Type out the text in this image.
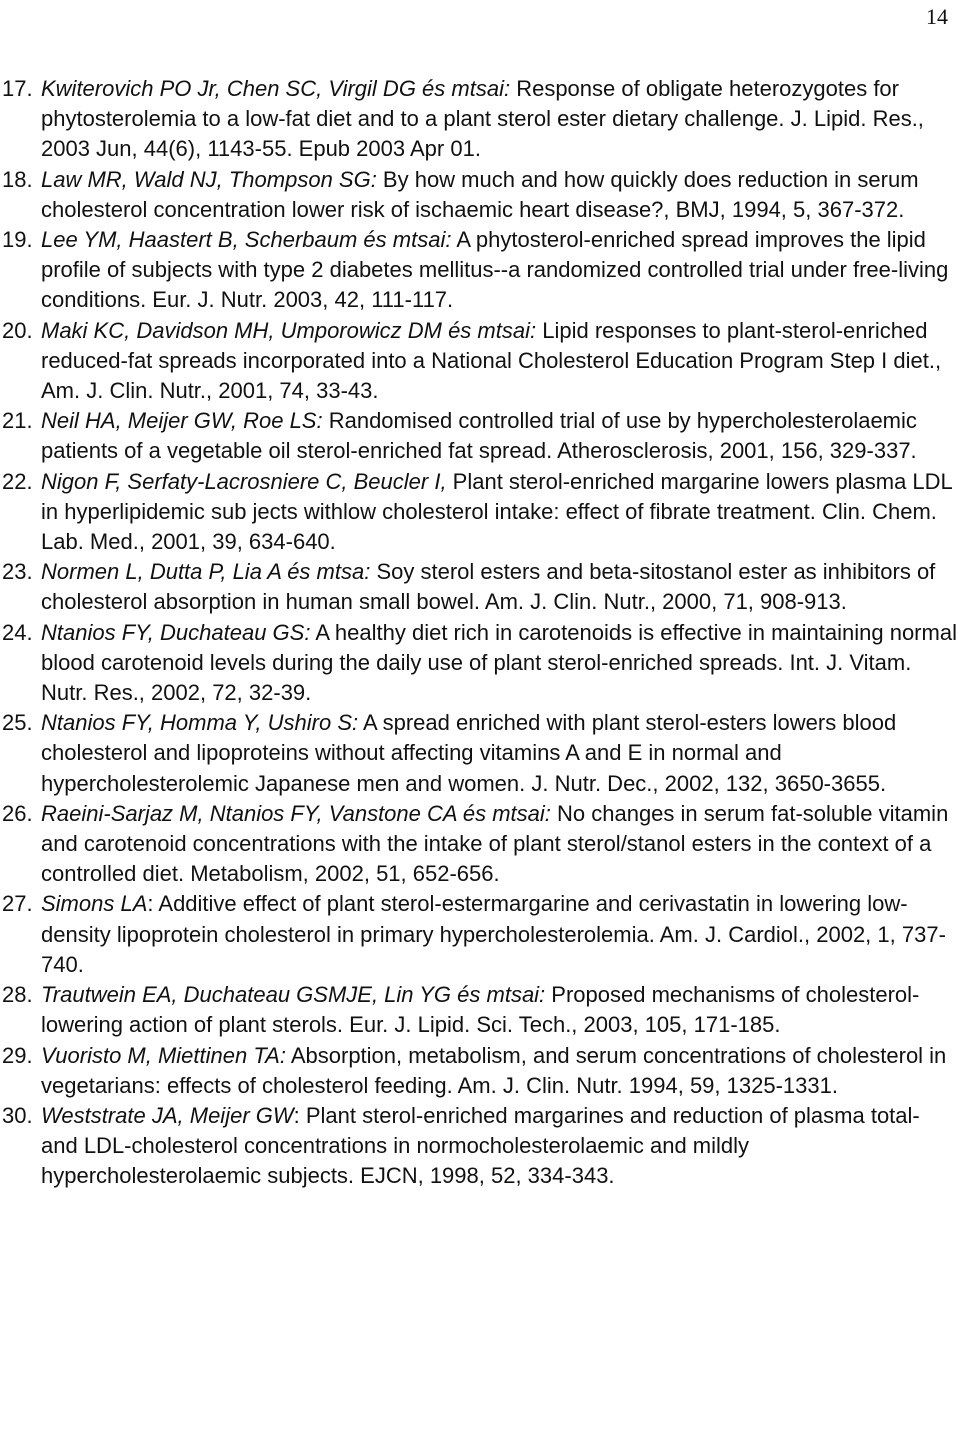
14
17. Kwiterovich PO Jr, Chen SC, Virgil DG és mtsai: Response of obligate heterozygotes for phytosterolemia to a low-fat diet and to a plant sterol ester dietary challenge. J. Lipid. Res., 2003 Jun, 44(6), 1143-55. Epub 2003 Apr 01.
18. Law MR, Wald NJ, Thompson SG: By how much and how quickly does reduction in serum cholesterol concentration lower risk of ischaemic heart disease?, BMJ, 1994, 5, 367-372.
19. Lee YM, Haastert B, Scherbaum és mtsai: A phytosterol-enriched spread improves the lipid profile of subjects with type 2 diabetes mellitus--a randomized controlled trial under free-living conditions. Eur. J. Nutr. 2003, 42, 111-117.
20. Maki KC, Davidson MH, Umporowicz DM és mtsai: Lipid responses to plant-sterol-enriched reduced-fat spreads incorporated into a National Cholesterol Education Program Step I diet., Am. J. Clin. Nutr., 2001, 74, 33-43.
21. Neil HA, Meijer GW, Roe LS: Randomised controlled trial of use by hypercholesterolaemic patients of a vegetable oil sterol-enriched fat spread. Atherosclerosis, 2001, 156, 329-337.
22. Nigon F, Serfaty-Lacrosniere C, Beucler I, Plant sterol-enriched margarine lowers plasma LDL in hyperlipidemic sub jects withlow cholesterol intake: effect of fibrate treatment. Clin. Chem. Lab. Med., 2001, 39, 634-640.
23. Normen L, Dutta P, Lia A és mtsa: Soy sterol esters and beta-sitostanol ester as inhibitors of cholesterol absorption in human small bowel. Am. J. Clin. Nutr., 2000, 71, 908-913.
24. Ntanios FY, Duchateau GS: A healthy diet rich in carotenoids is effective in maintaining normal blood carotenoid levels during the daily use of plant sterol-enriched spreads. Int. J. Vitam. Nutr. Res., 2002, 72, 32-39.
25. Ntanios FY, Homma Y, Ushiro S: A spread enriched with plant sterol-esters lowers blood cholesterol and lipoproteins without affecting vitamins A and E in normal and hypercholesterolemic Japanese men and women. J. Nutr. Dec., 2002, 132, 3650-3655.
26. Raeini-Sarjaz M, Ntanios FY, Vanstone CA és mtsai: No changes in serum fat-soluble vitamin and carotenoid concentrations with the intake of plant sterol/stanol esters in the context of a controlled diet. Metabolism, 2002, 51, 652-656.
27. Simons LA: Additive effect of plant sterol-estermargarine and cerivastatin in lowering low-density lipoprotein cholesterol in primary hypercholesterolemia. Am. J. Cardiol., 2002, 1, 737-740.
28. Trautwein EA, Duchateau GSMJE, Lin YG és mtsai: Proposed mechanisms of cholesterol-lowering action of plant sterols. Eur. J. Lipid. Sci. Tech., 2003, 105, 171-185.
29. Vuoristo M, Miettinen TA: Absorption, metabolism, and serum concentrations of cholesterol in vegetarians: effects of cholesterol feeding. Am. J. Clin. Nutr. 1994, 59, 1325-1331.
30. Weststrate JA, Meijer GW: Plant sterol-enriched margarines and reduction of plasma total- and LDL-cholesterol concentrations in normocholesterolaemic and mildly hypercholesterolaemic subjects. EJCN, 1998, 52, 334-343.
